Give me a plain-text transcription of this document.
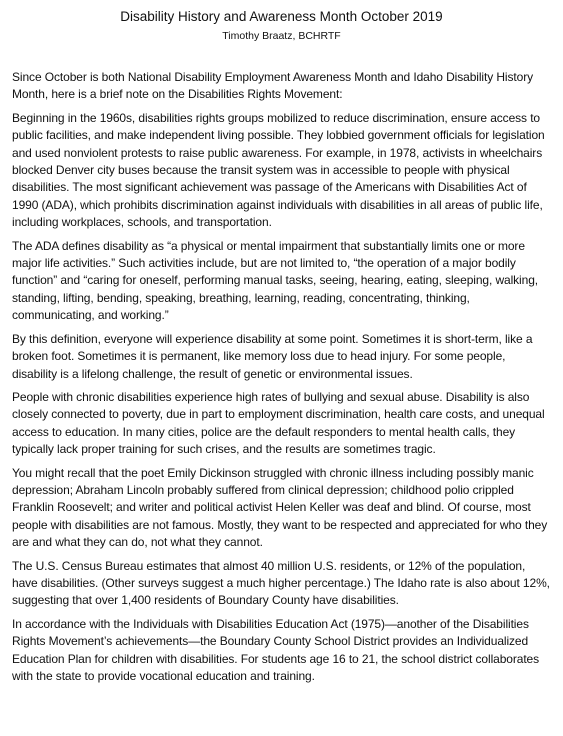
Disability History and Awareness Month October 2019
Timothy Braatz, BCHRTF

Since October is both National Disability Employment Awareness Month and Idaho Disability History Month, here is a brief note on the Disabilities Rights Movement:

Beginning in the 1960s, disabilities rights groups mobilized to reduce discrimination, ensure access to public facilities, and make independent living possible. They lobbied government officials for legislation and used nonviolent protests to raise public awareness. For example, in 1978, activists in wheelchairs blocked Denver city buses because the transit system was in accessible to people with physical disabilities. The most significant achievement was passage of the Americans with Disabilities Act of 1990 (ADA), which prohibits discrimination against individuals with disabilities in all areas of public life, including workplaces, schools, and transportation.

The ADA defines disability as “a physical or mental impairment that substantially limits one or more major life activities.” Such activities include, but are not limited to, “the operation of a major bodily function” and “caring for oneself, performing manual tasks, seeing, hearing, eating, sleeping, walking, standing, lifting, bending, speaking, breathing, learning, reading, concentrating, thinking, communicating, and working.”

By this definition, everyone will experience disability at some point. Sometimes it is short-term, like a broken foot. Sometimes it is permanent, like memory loss due to head injury. For some people, disability is a lifelong challenge, the result of genetic or environmental issues.

People with chronic disabilities experience high rates of bullying and sexual abuse. Disability is also closely connected to poverty, due in part to employment discrimination, health care costs, and unequal access to education. In many cities, police are the default responders to mental health calls, they typically lack proper training for such crises, and the results are sometimes tragic.

You might recall that the poet Emily Dickinson struggled with chronic illness including possibly manic depression; Abraham Lincoln probably suffered from clinical depression; childhood polio crippled Franklin Roosevelt; and writer and political activist Helen Keller was deaf and blind. Of course, most people with disabilities are not famous. Mostly, they want to be respected and appreciated for who they are and what they can do, not what they cannot.

The U.S. Census Bureau estimates that almost 40 million U.S. residents, or 12% of the population, have disabilities. (Other surveys suggest a much higher percentage.) The Idaho rate is also about 12%, suggesting that over 1,400 residents of Boundary County have disabilities.

In accordance with the Individuals with Disabilities Education Act (1975)—another of the Disabilities Rights Movement’s achievements—the Boundary County School District provides an Individualized Education Plan for children with disabilities. For students age 16 to 21, the school district collaborates with the state to provide vocational education and training.
